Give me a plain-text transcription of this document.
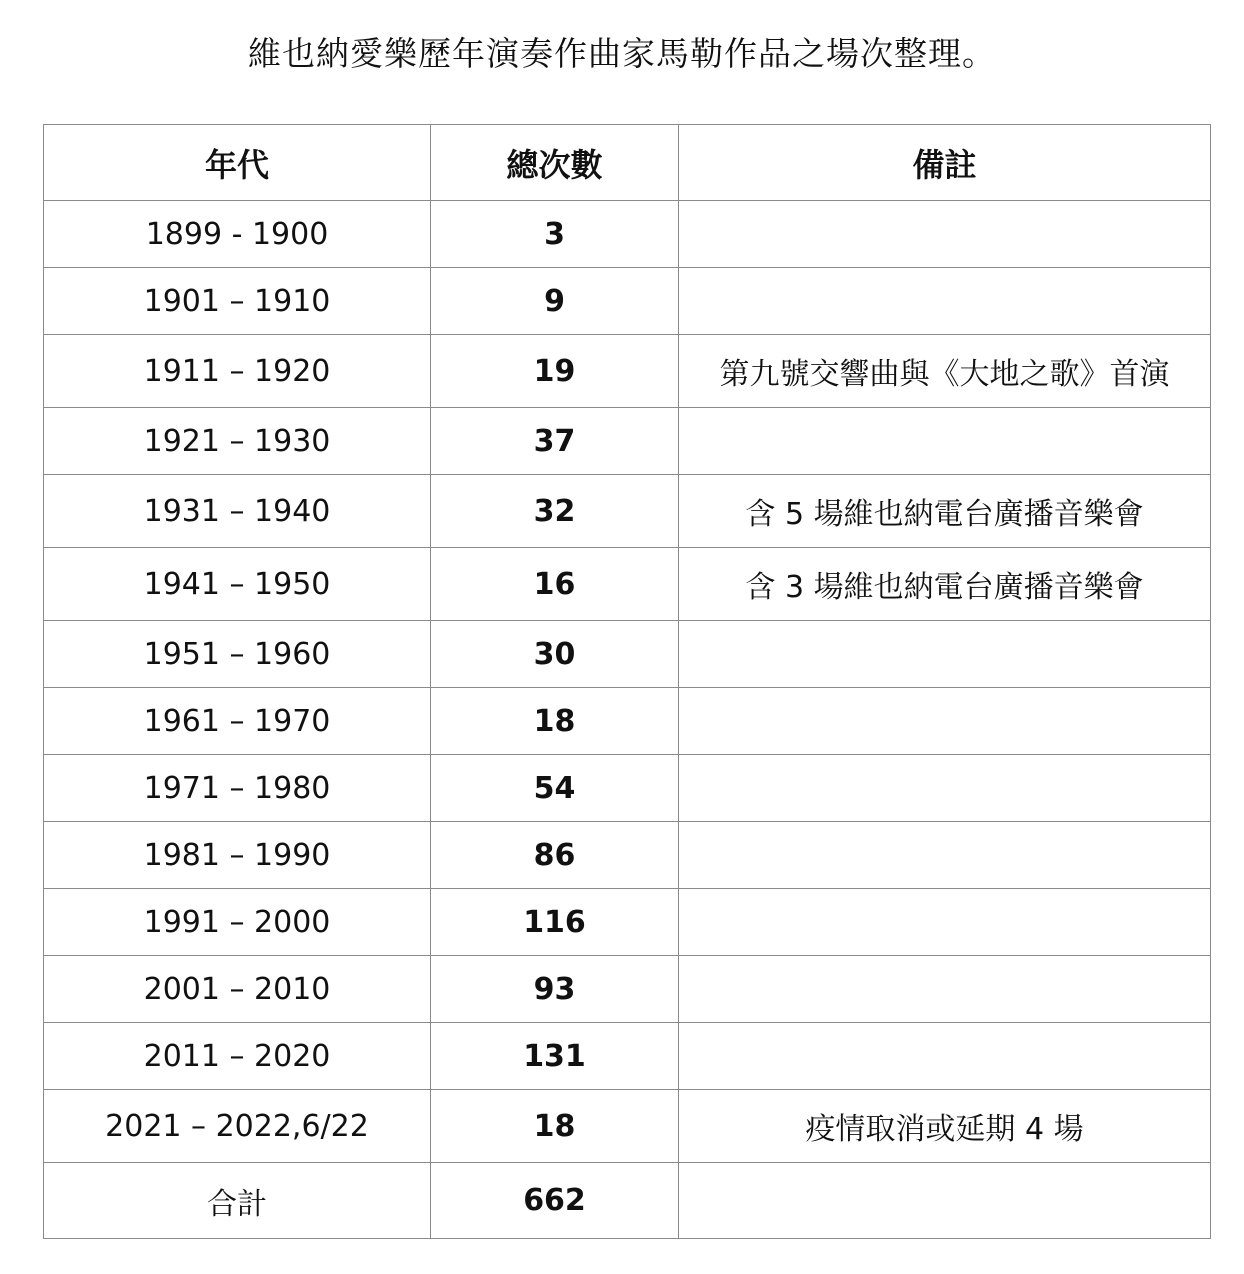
維也納愛樂歷年演奏作曲家馬勒作品之場次整理。
年代	總次數	備註
1899 - 1900	3	
1901 – 1910	9	
1911 – 1920	19	第九號交響曲與《大地之歌》首演
1921 – 1930	37	
1931 – 1940	32	含 5 場維也納電台廣播音樂會
1941 – 1950	16	含 3 場維也納電台廣播音樂會
1951 – 1960	30	
1961 – 1970	18	
1971 – 1980	54	
1981 – 1990	86	
1991 – 2000	116	
2001 – 2010	93	
2011 – 2020	131	
2021 – 2022,6/22	18	疫情取消或延期 4 場
合計	662	
